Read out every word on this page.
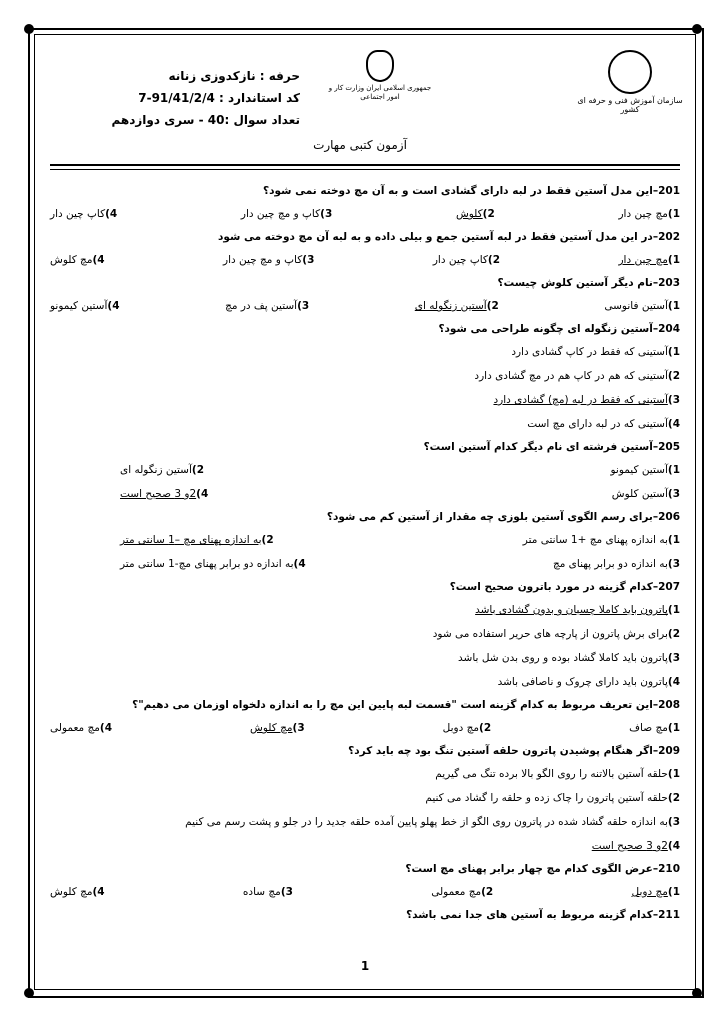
سازمان آموزش فنی و حرفه ای کشور
جمهوری اسلامی ایران وزارت کار و امور اجتماعی
حرفه : نازکدوزی زنانه
کد استاندارد : 91/41/2/4-7
تعداد سوال :40 - سری دوازدهم
آزمون کتبی مهارت
201–این مدل آستین فقط در لبه دارای گشادی است و به آن مچ دوخته نمی شود؟
1)مچ چین دار
2)کلوش
3)کاپ و مچ چین دار
4)کاپ چین دار
202–در این مدل آستین فقط در لبه آستین جمع و بیلی داده و به لبه آن مچ دوخته می شود
1)مچ چین دار
2)کاپ چین دار
3)کاپ و مچ چین دار
4)مچ کلوش
203–نام دیگر آستین کلوش چیست؟
1)آستین فانوسی
2)آستین زنگوله ای
3)آستین پف در مچ
4)آستین کیمونو
204–آستین زنگوله ای چگونه طراحی می شود؟
1)آستینی که فقط در کاپ گشادی دارد
2)آستینی که هم در کاپ هم در مچ گشادی دارد
3)آستینی که فقط در لبه (مچ) گشادی دارد
4)آستینی که در لبه دارای مچ است
205–آستین فرشته ای نام دیگر کدام آستین است؟
1)آستین کیمونو
2)آستین زنگوله ای
3)آستین کلوش
4)2و 3 صحیح است
206–برای رسم الگوی آستین بلوزی چه مقدار از آستین کم می شود؟
1)به اندازه پهنای مچ +1 سانتی متر
2)به اندازه پهنای مچ –1 سانتی متر
3)به اندازه دو برابر پهنای مچ
4)به اندازه دو برابر پهنای مچ-1 سانتی متر
207–کدام گزینه در مورد باترون صحیح است؟
1)پاترون باید کاملا چسبان و بدون گشادی باشد
2)برای برش پاترون از پارچه های حریر استفاده می شود
3)پاترون باید کاملا گشاد بوده و روی بدن شل باشد
4)پاترون باید دارای چروک و ناصافی باشد
208–این تعریف مربوط به کدام گزینه است "قسمت لبه پایین این مچ را به اندازه دلخواه اوزمان می دهیم"؟
1)مچ صاف
2)مچ دوبل
3)مچ کلوش
4)مچ معمولی
209–اگر هنگام پوشیدن پاترون حلقه آستین تنگ بود چه باید کرد؟
1)حلقه آستین بالاتنه را روی الگو بالا برده تنگ می گیریم
2)حلقه آستین پاترون را چاک زده و حلقه را گشاد می کنیم
3)به اندازه حلقه گشاد شده در پاترون روی الگو از خط پهلو پایین آمده حلقه جدید را در جلو و پشت رسم می کنیم
4)2و 3 صحیح است
210–عرض الگوی کدام مچ چهار برابر پهنای مچ است؟
1)مچ دوبل
2)مچ معمولی
3)مچ ساده
4)مچ کلوش
211–کدام گزینه مربوط به آستین های جدا نمی باشد؟
1
